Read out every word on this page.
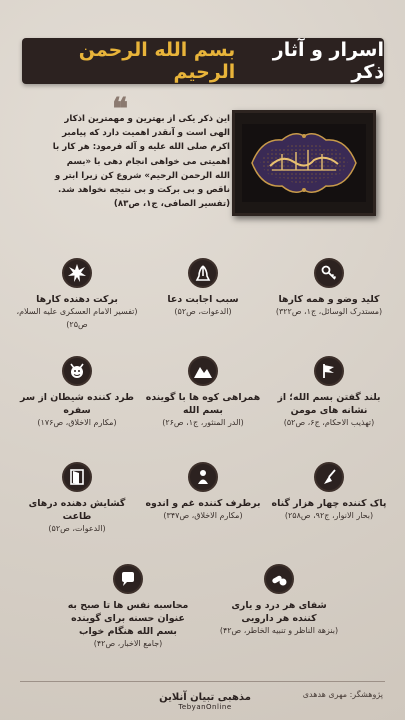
اسرار و آثار ذکر
بسم الله الرحمن الرحیم
❝
این ذکر یکی از بهترین و مهمترین اذکار الهی است و آنقدر اهمیت دارد که پیامبر اکرم صلی الله علیه و آله فرمود: هر کار با اهمیتی می خواهی انجام دهی با «بسم الله الرحمن الرحیم» شروع کن زیرا ابتر و ناقص و بی برکت و بی نتیجه نخواهد شد. (تفسیر الصافی، ج۱، ص۸۳)
کلید وضو و همه کارها
(مستدرک الوسائل، ج۱، ص۳۲۲)
سبب اجابت دعا
(الدعوات، ص۵۲)
برکت دهنده کارها
(تفسیر الامام العسکری علیه السلام، ص۲۵)
بلند گفتن بسم الله؛ از نشانه های مومن
(تهذیب الاحکام، ج۶، ص۵۲)
همراهی کوه ها با گوینده بسم الله
(الدر المنثور، ج۱، ص۲۶)
طرد کننده شیطان از سر سفره
(مکارم الاخلاق، ص۱۷۶)
پاک کننده چهار هزار گناه
(بحار الانوار، ج۹۲، ص۲۵۸)
برطرف کننده غم و اندوه
(مکارم الاخلاق، ص۳۴۷)
گشایش دهنده درهای طاعت
(الدعوات، ص۵۲)
شفای هر درد و یاری کننده هر دارویی
(بنزهة الناظر و تنبیه الخاطر، ص۴۲)
محاسبه نفس ها تا صبح به عنوان حسنه برای گوینده بسم الله هنگام خواب
(جامع الاخبار، ص۴۲)
مذهبی تبیان آنلاین
TebyanOnline
پژوهشگر: مهری هدهدی
